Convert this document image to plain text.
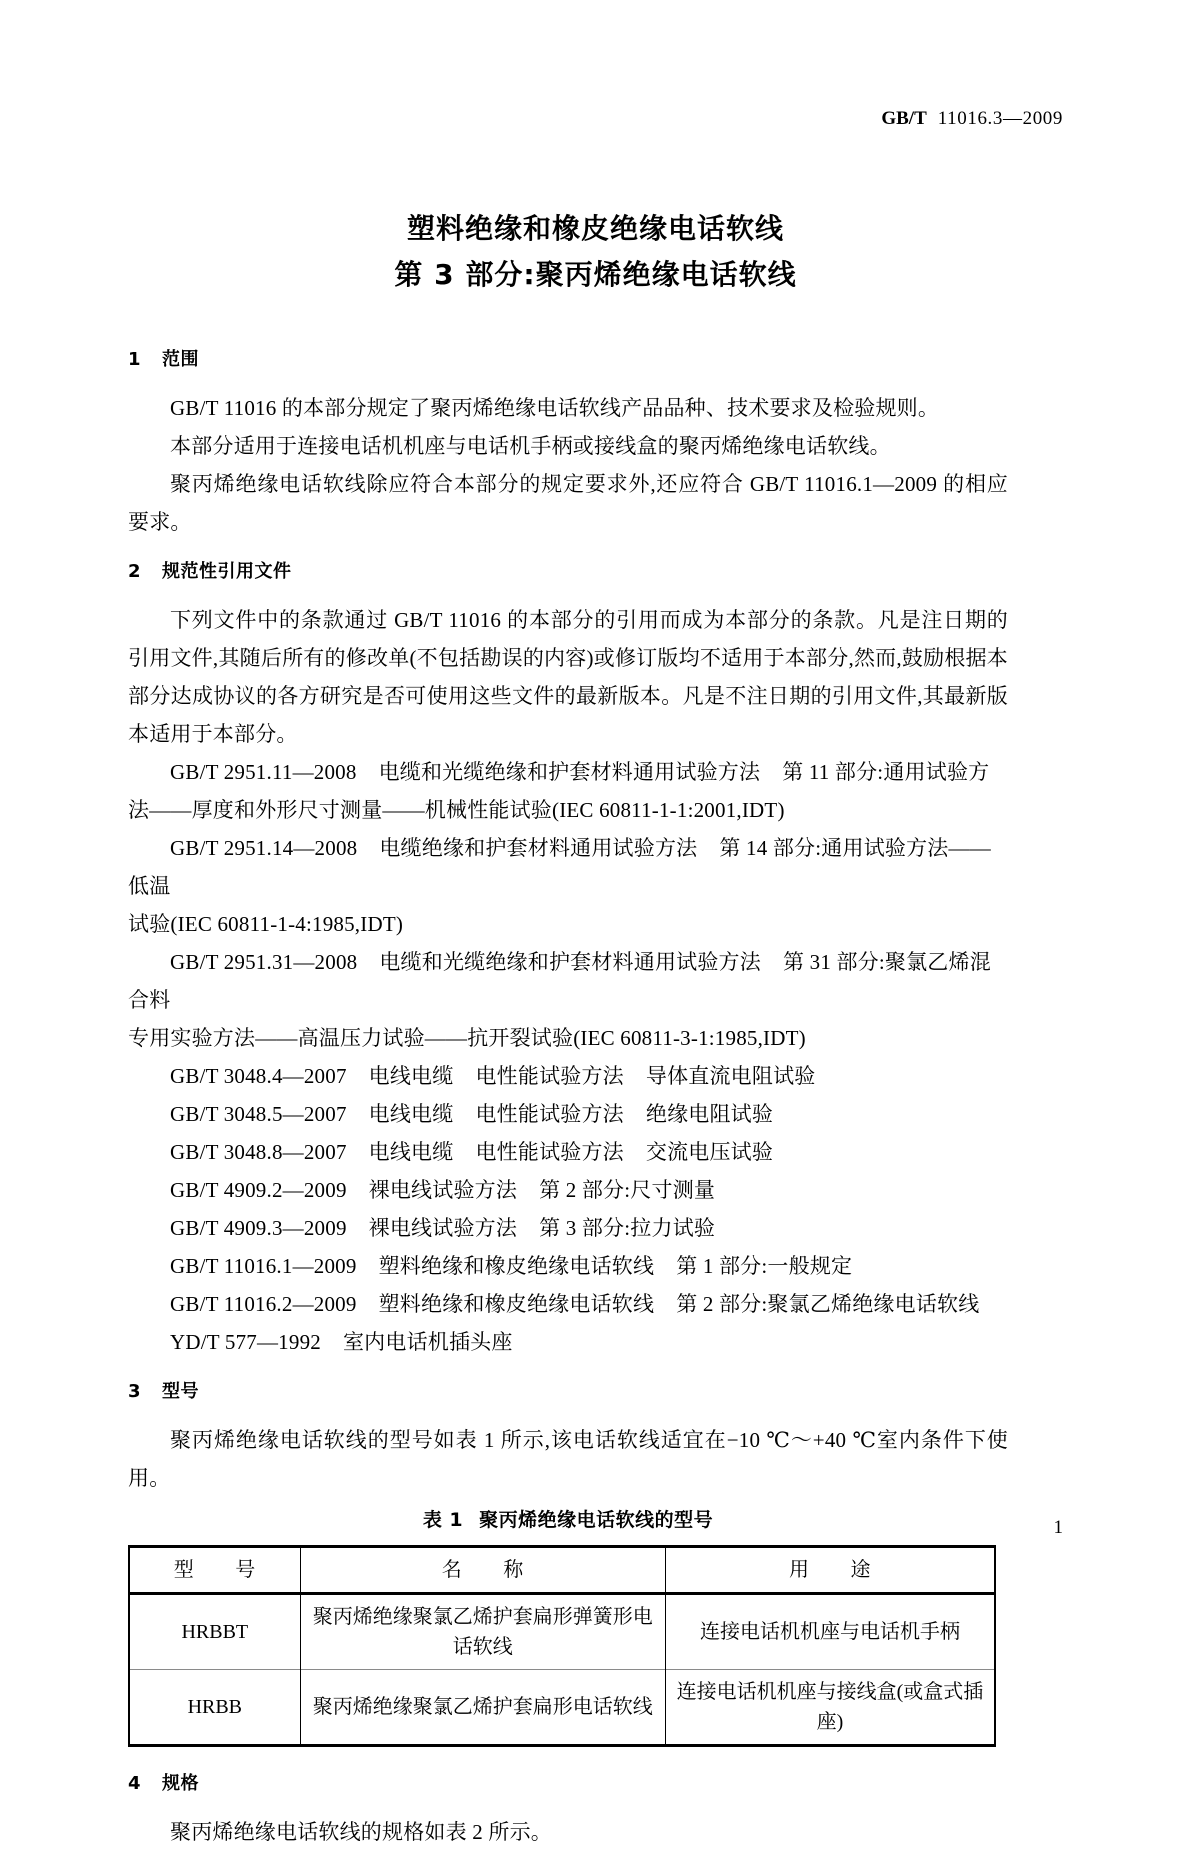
GB/T 11016.3—2009
塑料绝缘和橡皮绝缘电话软线
第 3 部分:聚丙烯绝缘电话软线
1 范围

GB/T 11016 的本部分规定了聚丙烯绝缘电话软线产品品种、技术要求及检验规则。

本部分适用于连接电话机机座与电话机手柄或接线盒的聚丙烯绝缘电话软线。

聚丙烯绝缘电话软线除应符合本部分的规定要求外,还应符合 GB/T 11016.1—2009 的相应要求。

2 规范性引用文件

下列文件中的条款通过 GB/T 11016 的本部分的引用而成为本部分的条款。凡是注日期的引用文件,其随后所有的修改单(不包括勘误的内容)或修订版均不适用于本部分,然而,鼓励根据本部分达成协议的各方研究是否可使用这些文件的最新版本。凡是不注日期的引用文件,其最新版本适用于本部分。

GB/T 2951.11—2008 电缆和光缆绝缘和护套材料通用试验方法 第 11 部分:通用试验方

法——厚度和外形尺寸测量——机械性能试验(IEC 60811-1-1:2001,IDT)

GB/T 2951.14—2008 电缆绝缘和护套材料通用试验方法 第 14 部分:通用试验方法——低温

试验(IEC 60811-1-4:1985,IDT)

GB/T 2951.31—2008 电缆和光缆绝缘和护套材料通用试验方法 第 31 部分:聚氯乙烯混合料

专用实验方法——高温压力试验——抗开裂试验(IEC 60811-3-1:1985,IDT)

GB/T 3048.4—2007 电线电缆 电性能试验方法 导体直流电阻试验

GB/T 3048.5—2007 电线电缆 电性能试验方法 绝缘电阻试验

GB/T 3048.8—2007 电线电缆 电性能试验方法 交流电压试验

GB/T 4909.2—2009 裸电线试验方法 第 2 部分:尺寸测量

GB/T 4909.3—2009 裸电线试验方法 第 3 部分:拉力试验

GB/T 11016.1—2009 塑料绝缘和橡皮绝缘电话软线 第 1 部分:一般规定

GB/T 11016.2—2009 塑料绝缘和橡皮绝缘电话软线 第 2 部分:聚氯乙烯绝缘电话软线

YD/T 577—1992 室内电话机插头座

3 型号

聚丙烯绝缘电话软线的型号如表 1 所示,该电话软线适宜在−10 ℃～+40 ℃室内条件下使用。

表 1 聚丙烯绝缘电话软线的型号
型　　号	名　　称	用　　途
HRBBT	聚丙烯绝缘聚氯乙烯护套扁形弹簧形电话软线	连接电话机机座与电话机手柄
HRBB	聚丙烯绝缘聚氯乙烯护套扁形电话软线	连接电话机机座与接线盒(或盒式插座)
4 规格

聚丙烯绝缘电话软线的规格如表 2 所示。

1
